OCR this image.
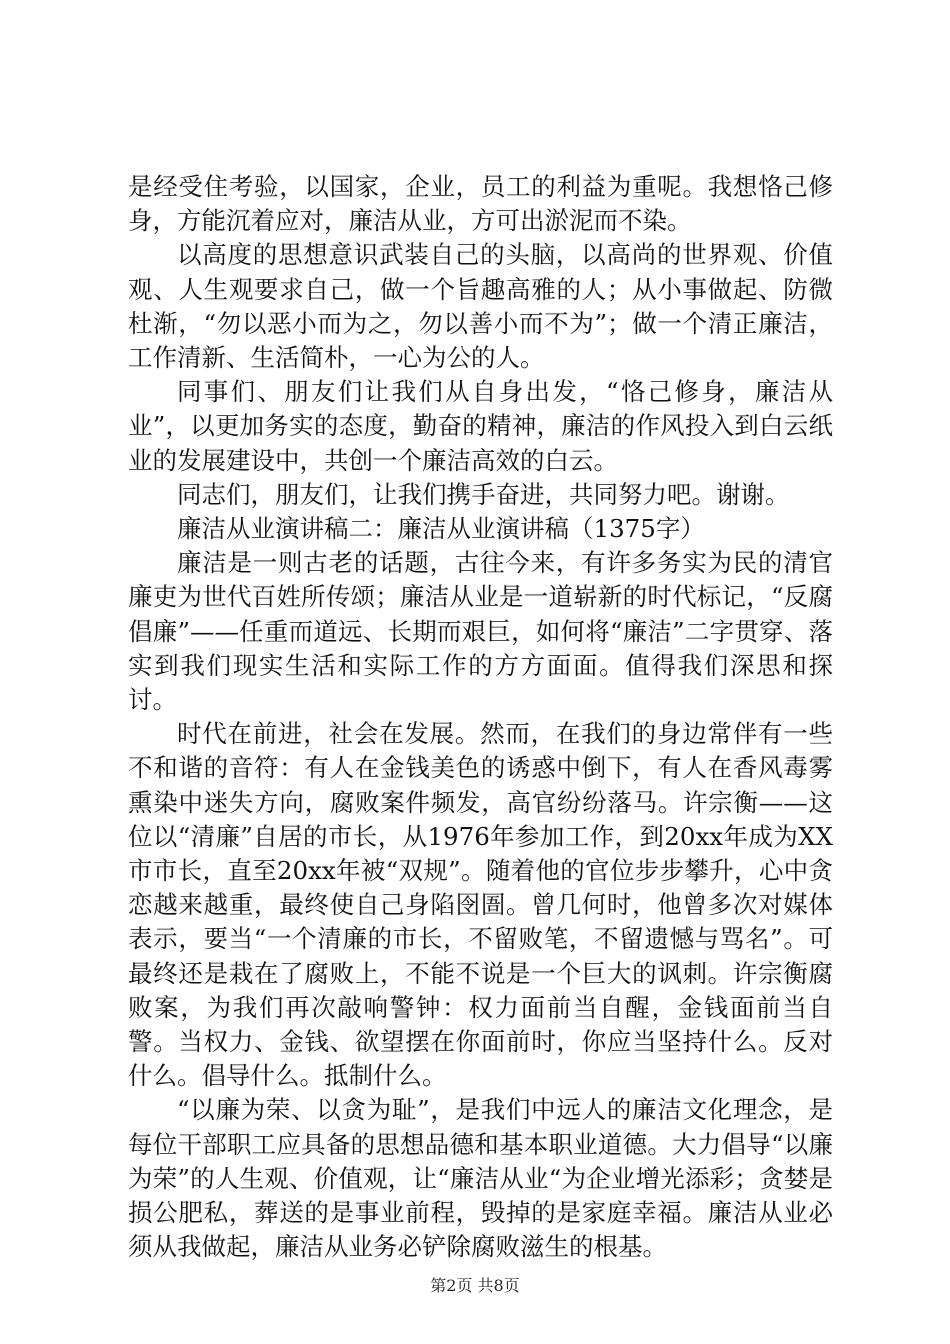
是经受住考验，以国家，企业，员工的利益为重呢。我想恪己修身，方能沉着应对，廉洁从业，方可出淤泥而不染。

以高度的思想意识武装自己的头脑，以高尚的世界观、价值观、人生观要求自己，做一个旨趣高雅的人；从小事做起、防微杜渐，“勿以恶小而为之，勿以善小而不为”；做一个清正廉洁，工作清新、生活简朴，一心为公的人。

同事们、朋友们让我们从自身出发，“恪己修身，廉洁从业”，以更加务实的态度，勤奋的精神，廉洁的作风投入到白云纸业的发展建设中，共创一个廉洁高效的白云。

同志们，朋友们，让我们携手奋进，共同努力吧。谢谢。

廉洁从业演讲稿二：廉洁从业演讲稿（1375字）

廉洁是一则古老的话题，古往今来，有许多务实为民的清官廉吏为世代百姓所传颂；廉洁从业是一道崭新的时代标记，“反腐倡廉”——任重而道远、长期而艰巨，如何将“廉洁”二字贯穿、落实到我们现实生活和实际工作的方方面面。值得我们深思和探讨。

时代在前进，社会在发展。然而，在我们的身边常伴有一些不和谐的音符：有人在金钱美色的诱惑中倒下，有人在香风毒雾熏染中迷失方向，腐败案件频发，高官纷纷落马。许宗衡——这位以“清廉”自居的市长，从1976年参加工作，到20xx年成为XX市市长，直至20xx年被“双规”。随着他的官位步步攀升，心中贪恋越来越重，最终使自己身陷囹圄。曾几何时，他曾多次对媒体表示，要当“一个清廉的市长，不留败笔，不留遗憾与骂名”。可最终还是栽在了腐败上，不能不说是一个巨大的讽刺。许宗衡腐败案，为我们再次敲响警钟：权力面前当自醒，金钱面前当自警。当权力、金钱、欲望摆在你面前时，你应当坚持什么。反对什么。倡导什么。抵制什么。

“以廉为荣、以贪为耻”，是我们中远人的廉洁文化理念，是每位干部职工应具备的思想品德和基本职业道德。大力倡导“以廉为荣”的人生观、价值观，让“廉洁从业“为企业增光添彩；贪婪是损公肥私，葬送的是事业前程，毁掉的是家庭幸福。廉洁从业必须从我做起，廉洁从业务必铲除腐败滋生的根基。

第2页 共8页
